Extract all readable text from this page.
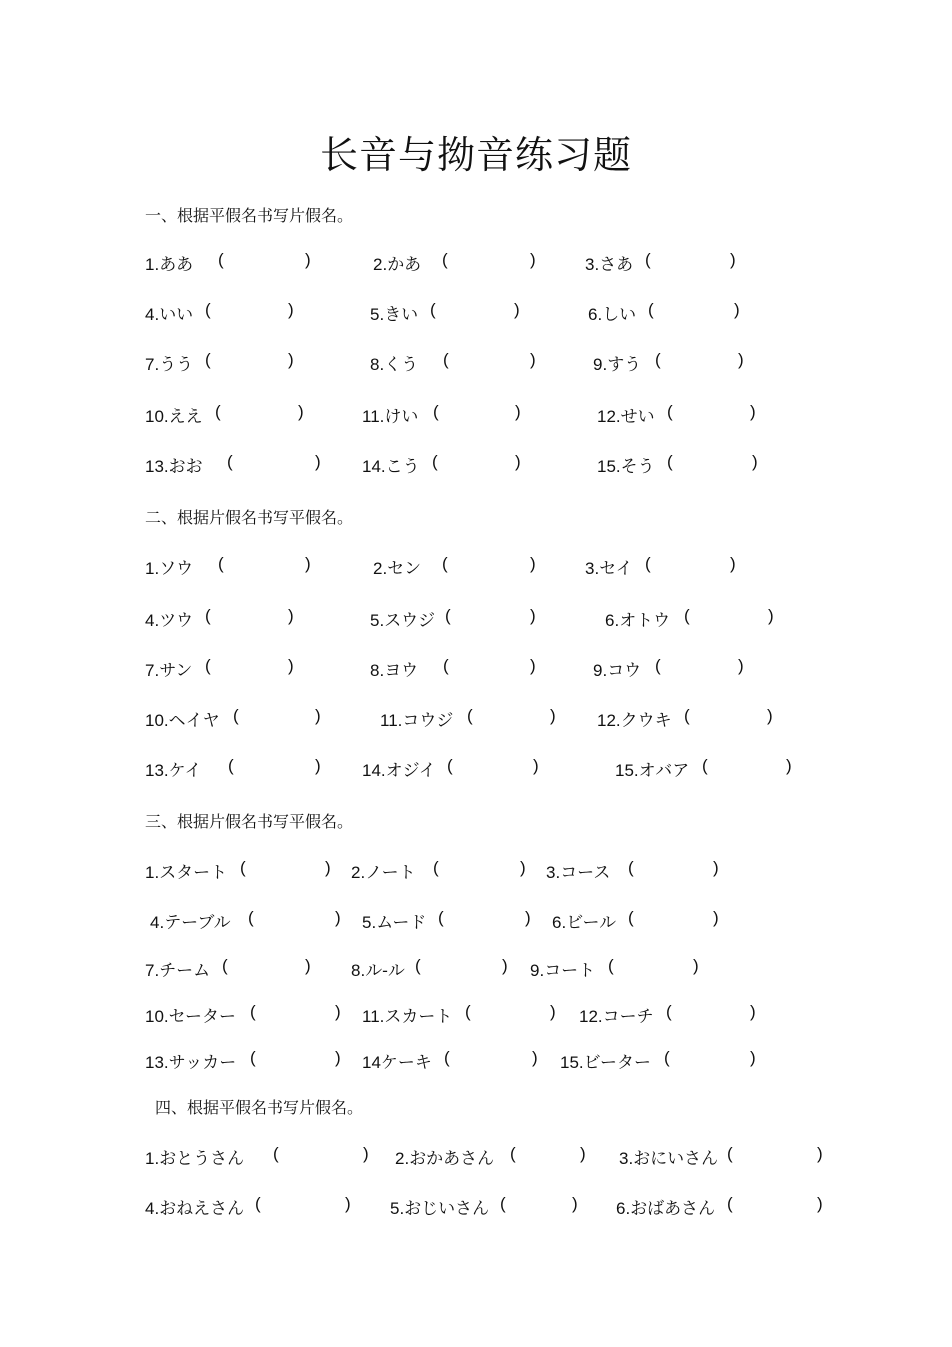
长音与拗音练习题
一、根据平假名书写片假名。
1.ああ (	)	2.かあ (	)	3.さあ (	)
4.いい (	)	5.きい (	)	6.しい (	)
7.うう (	)	8.くう (	)	9.すう (	)
10.ええ (	)	11.けい (	)	12.せい (	)
13.おお (	) 14.こう (	)	15.そう (	)
二、根据片假名书写平假名。
1.ソウ (	)	2.セン (	)	3.セイ (	)
4.ツウ (	)	5.スウジ (	)	6.オトウ (	)
7.サン (	)	8.ヨウ (	)	9.コウ (	)
10.ヘイヤ (	)	11.コウジ (	) 12.クウキ (	)
13.ケイ (	) 14.オジイ (	)	15.オバア (	)
三、根据片假名书写平假名。
1.スタート (	) 2.ノート (	) 3.コース (	)
4.テーブル (	) 5.ムード (	) 6.ビール (	)
7.チーム (	) 8.ル-ル (	) 9.コート (	)
10.セーター (	) 11.スカート (	) 12.コーチ (	)
13.サッカー (	) 14ケーキ (	) 15.ビーター (	)
四、根据平假名书写片假名。
1.おとうさん (	) 2.おかあさん (	) 3.おにいさん (	)
4.おねえさん (	) 5.おじいさん (	) 6.おばあさん (	)
